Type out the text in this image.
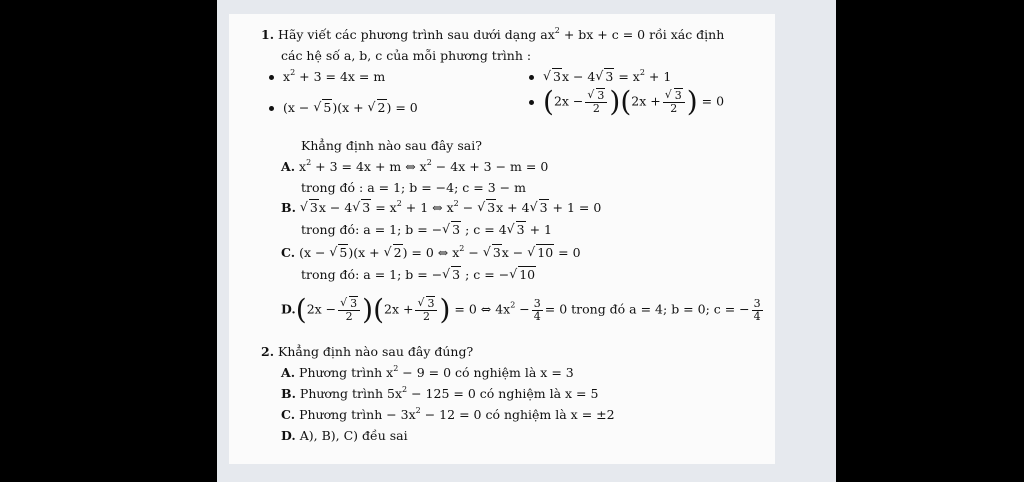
1. Hãy viết các phương trình sau dưới dạng $ax^2$ + bx + c = 0 rồi xác định
các hệ số a, b, c của mỗi phương trình :
$x^2 + 3 = 4x = m$	√ 3x − 4 √ $3 = x^2 + 1$
(x − √ 5)(x + √ 2) = 0	(2x − √ $\frac{3}{2} )(2x$ + √ $\frac{3}{2}$ ) = 0
Khẳng định nào sau đây sai?
A. $x^2 + 3 = 4x + m$ ⇔ $x^2 - 4x + 3 - m = 0$
trong đó : a = 1; b = −4; c = 3 − m
B. √ 3x − 4 √ $3 = x^2 + 1$ ⇔ $x^2$ − √ 3x + 4 √ 3 + 1 = 0
trong đó: a = 1; b = − √ 3 ; c = 4 √ 3 + 1
C. (x − √ 5)(x + √ 2) = 0 ⇔ $x^2$ − √ 3x − √ 10 = 0
trong đó: a = 1; b = − √ 3 ; c = − √ 10
D.(2x − √ $\frac{3}{2} )(2x$ + √ $\frac{3}{2}$ ) = 0 ⇔ $4x^2 - \frac{3}{4} = 0$ trong đó a = 4; b = 0; c = − $\frac{3}{4}$
2. Khẳng định nào sau đây đúng?
A. Phương trình $x^2 - 9 = 0$ có nghiệm là x = 3
B. Phương trình $5x^2 - 125 = 0$ có nghiệm là x = 5
C. Phương trình − $3x^2 - 12 = 0$ có nghiệm là x = ±2
D. A), B), C) đều sai
